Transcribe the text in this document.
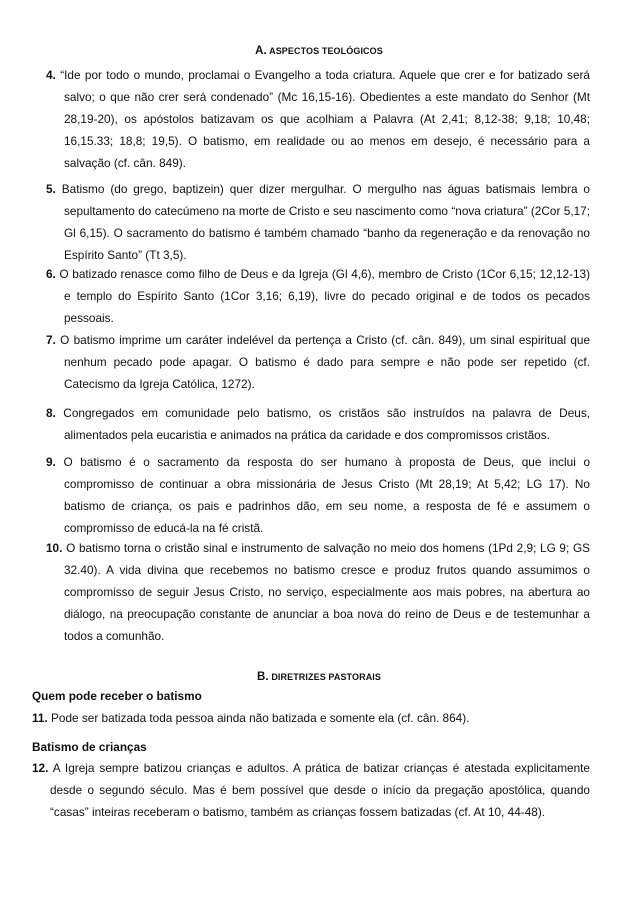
A. ASPECTOS TEOLÓGICOS

4. “Ide por todo o mundo, proclamai o Evangelho a toda criatura. Aquele que crer e for batizado será salvo; o que não crer será condenado” (Mc 16,15-16). Obedientes a este mandato do Senhor (Mt 28,19-20), os apóstolos batizavam os que acolhiam a Palavra (At 2,41; 8,12-38; 9,18; 10,48; 16,15.33; 18,8; 19,5). O batismo, em realidade ou ao menos em desejo, é necessário para a salvação (cf. cân. 849).

5. Batismo (do grego, baptizein) quer dizer mergulhar. O mergulho nas águas batismais lembra o sepultamento do catecúmeno na morte de Cristo e seu nascimento como “nova criatura” (2Cor 5,17; Gl 6,15). O sacramento do batismo é também chamado “banho da regeneração e da renovação no Espírito Santo” (Tt 3,5).

6. O batizado renasce como filho de Deus e da Igreja (Gl 4,6), membro de Cristo (1Cor 6,15; 12,12-13) e templo do Espírito Santo (1Cor 3,16; 6,19), livre do pecado original e de todos os pecados pessoais.

7. O batismo imprime um caráter indelével da pertença a Cristo (cf. cân. 849), um sinal espiritual que nenhum pecado pode apagar. O batismo é dado para sempre e não pode ser repetido (cf. Catecismo da Igreja Católica, 1272).

8. Congregados em comunidade pelo batismo, os cristãos são instruídos na palavra de Deus, alimentados pela eucaristia e animados na prática da caridade e dos compromissos cristãos.

9. O batismo é o sacramento da resposta do ser humano à proposta de Deus, que inclui o compromisso de continuar a obra missionária de Jesus Cristo (Mt 28,19; At 5,42; LG 17). No batismo de criança, os pais e padrinhos dão, em seu nome, a resposta de fé e assumem o compromisso de educá-la na fé cristã.

10. O batismo torna o cristão sinal e instrumento de salvação no meio dos homens (1Pd 2,9; LG 9; GS 32.40). A vida divina que recebemos no batismo cresce e produz frutos quando assumimos o compromisso de seguir Jesus Cristo, no serviço, especialmente aos mais pobres, na abertura ao diálogo, na preocupação constante de anunciar a boa nova do reino de Deus e de testemunhar a todos a comunhão.

B. DIRETRIZES PASTORAIS

Quem pode receber o batismo

11. Pode ser batizada toda pessoa ainda não batizada e somente ela (cf. cân. 864).

Batismo de crianças

12. A Igreja sempre batizou crianças e adultos. A prática de batizar crianças é atestada explicitamente desde o segundo século. Mas é bem possível que desde o início da pregação apostólica, quando “casas” inteiras receberam o batismo, também as crianças fossem batizadas (cf. At 10, 44-48).
